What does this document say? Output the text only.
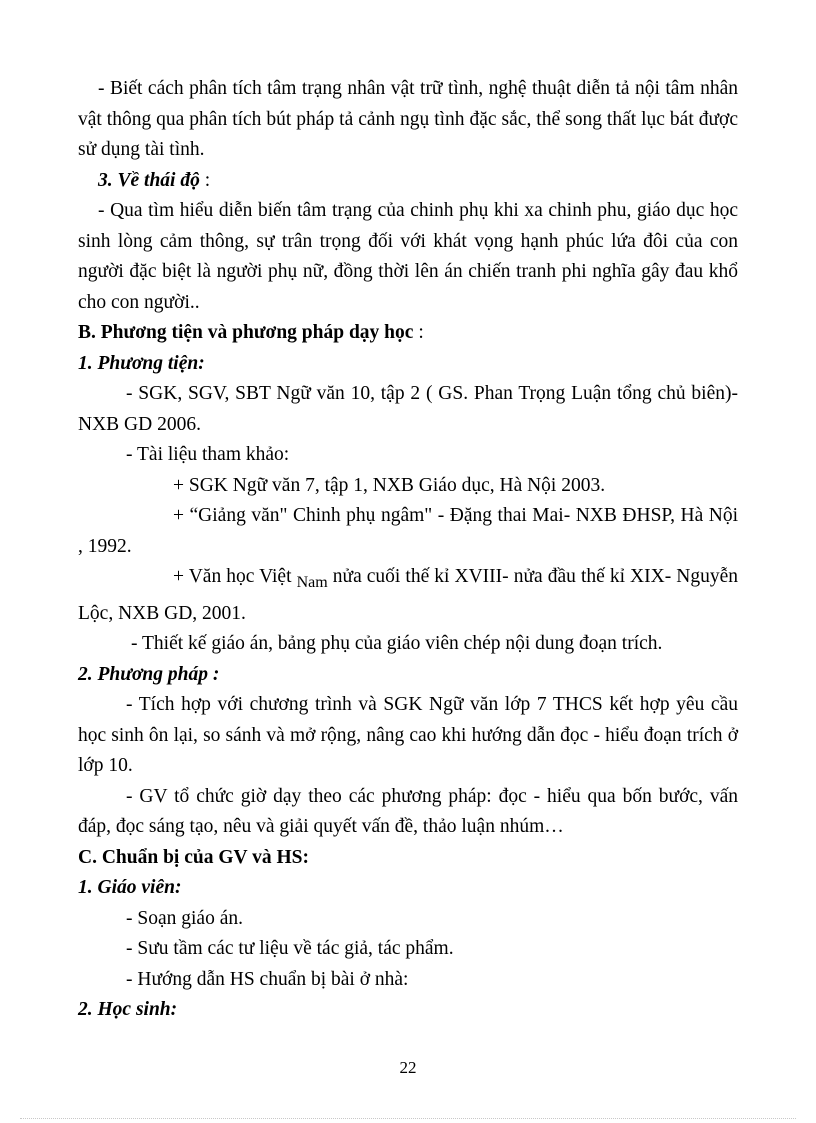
- Biết cách phân tích tâm trạng nhân vật trữ tình, nghệ thuật diễn tả nội tâm nhân vật thông qua phân tích bút pháp tả cảnh ngụ tình đặc sắc, thể song thất lục bát được sử dụng tài tình.

3. Về thái độ :

- Qua tìm hiểu diễn biến tâm trạng của chinh phụ khi xa chinh phu, giáo dục học sinh lòng cảm thông, sự trân trọng đối với khát vọng hạnh phúc lứa đôi của con người đặc biệt là người phụ nữ, đồng thời lên án chiến tranh phi nghĩa gây đau khổ cho con người..

B. Phương tiện và phương pháp dạy học :

1. Phương tiện:

- SGK, SGV, SBT Ngữ văn 10, tập 2 ( GS. Phan Trọng Luận tổng chủ biên)- NXB GD 2006.

- Tài liệu tham khảo:

+ SGK Ngữ văn 7, tập 1, NXB Giáo dục, Hà Nội 2003.

+ “Giảng văn" Chinh phụ ngâm" - Đặng thai Mai- NXB ĐHSP, Hà Nội , 1992.

+ Văn học Việt $_{Nam}$ nửa cuối thế kỉ XVIII- nửa đầu thế kỉ XIX- Nguyễn Lộc, NXB GD, 2001.

- Thiết kế giáo án, bảng phụ của giáo viên chép nội dung đoạn trích.

2. Phương pháp :

- Tích hợp với chương trình và SGK Ngữ văn lớp 7 THCS kết hợp yêu cầu học sinh ôn lại, so sánh và mở rộng, nâng cao khi hướng dẫn đọc - hiểu đoạn trích ở lớp 10.

- GV tổ chức giờ dạy theo các phương pháp: đọc - hiểu qua bốn bước, vấn đáp, đọc sáng tạo, nêu và giải quyết vấn đề, thảo luận nhúm…

C. Chuẩn bị của GV và HS:

1. Giáo viên:

- Soạn giáo án.

- Sưu tầm các tư liệu về tác giả, tác phẩm.

- Hướng dẫn HS chuẩn bị bài ở nhà:

2. Học sinh:

22
